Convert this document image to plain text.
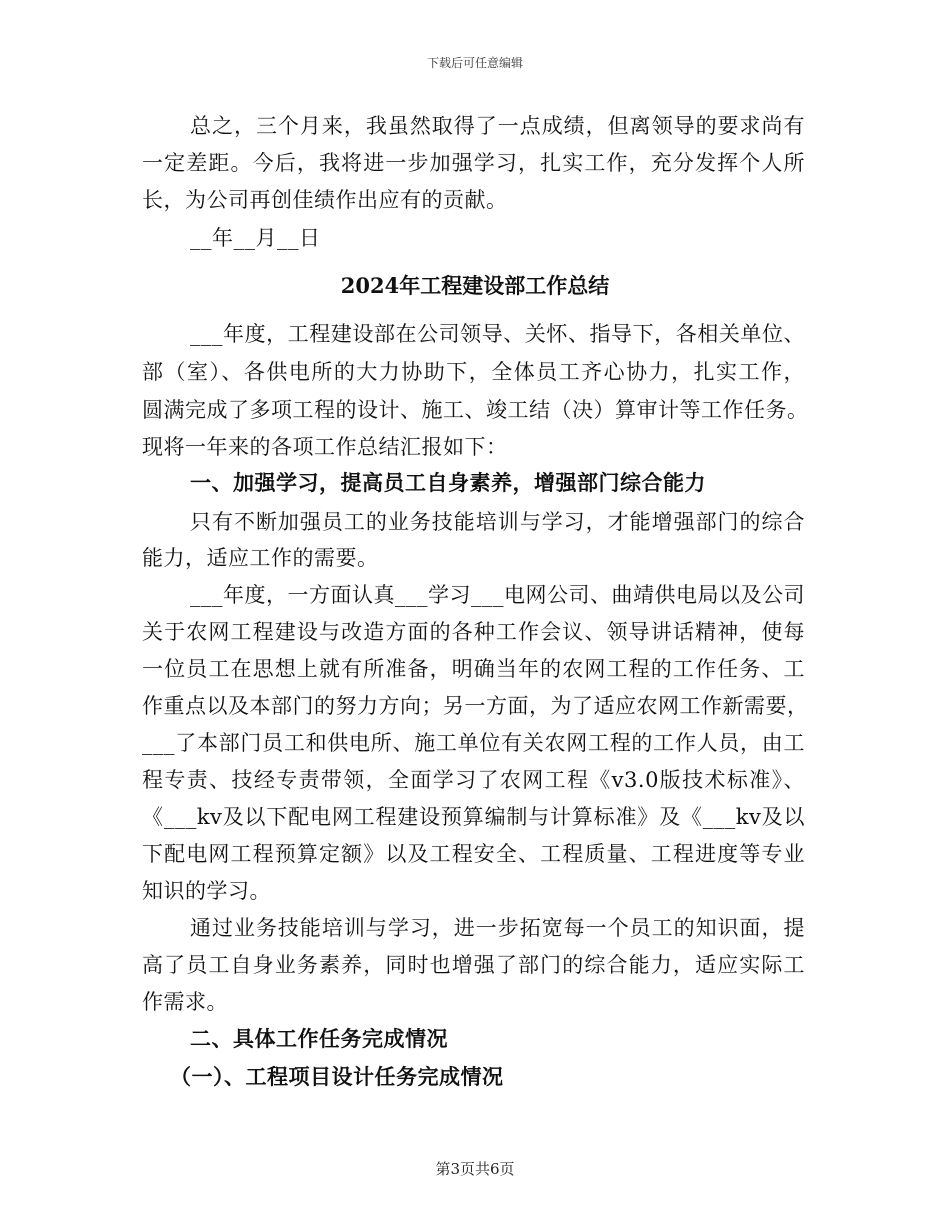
下载后可任意编辑
总之，三个月来，我虽然取得了一点成绩，但离领导的要求尚有
一定差距。今后，我将进一步加强学习，扎实工作，充分发挥个人所
长，为公司再创佳绩作出应有的贡献。
__年__月__日
2024年工程建设部工作总结
___年度，工程建设部在公司领导、关怀、指导下，各相关单位、
部（室）、各供电所的大力协助下，全体员工齐心协力，扎实工作，
圆满完成了多项工程的设计、施工、竣工结（决）算审计等工作任务。
现将一年来的各项工作总结汇报如下：
一、加强学习，提高员工自身素养，增强部门综合能力
只有不断加强员工的业务技能培训与学习，才能增强部门的综合
能力，适应工作的需要。
___年度，一方面认真___学习___电网公司、曲靖供电局以及公司
关于农网工程建设与改造方面的各种工作会议、领导讲话精神，使每
一位员工在思想上就有所准备，明确当年的农网工程的工作任务、工
作重点以及本部门的努力方向；另一方面，为了适应农网工作新需要，
___了本部门员工和供电所、施工单位有关农网工程的工作人员，由工
程专责、技经专责带领，全面学习了农网工程《v3.0版技术标准》、
《___kv及以下配电网工程建设预算编制与计算标准》及《___kv及以
下配电网工程预算定额》以及工程安全、工程质量、工程进度等专业
知识的学习。
通过业务技能培训与学习，进一步拓宽每一个员工的知识面，提
高了员工自身业务素养，同时也增强了部门的综合能力，适应实际工
作需求。
二、具体工作任务完成情况
（一）、工程项目设计任务完成情况
第3页共6页
